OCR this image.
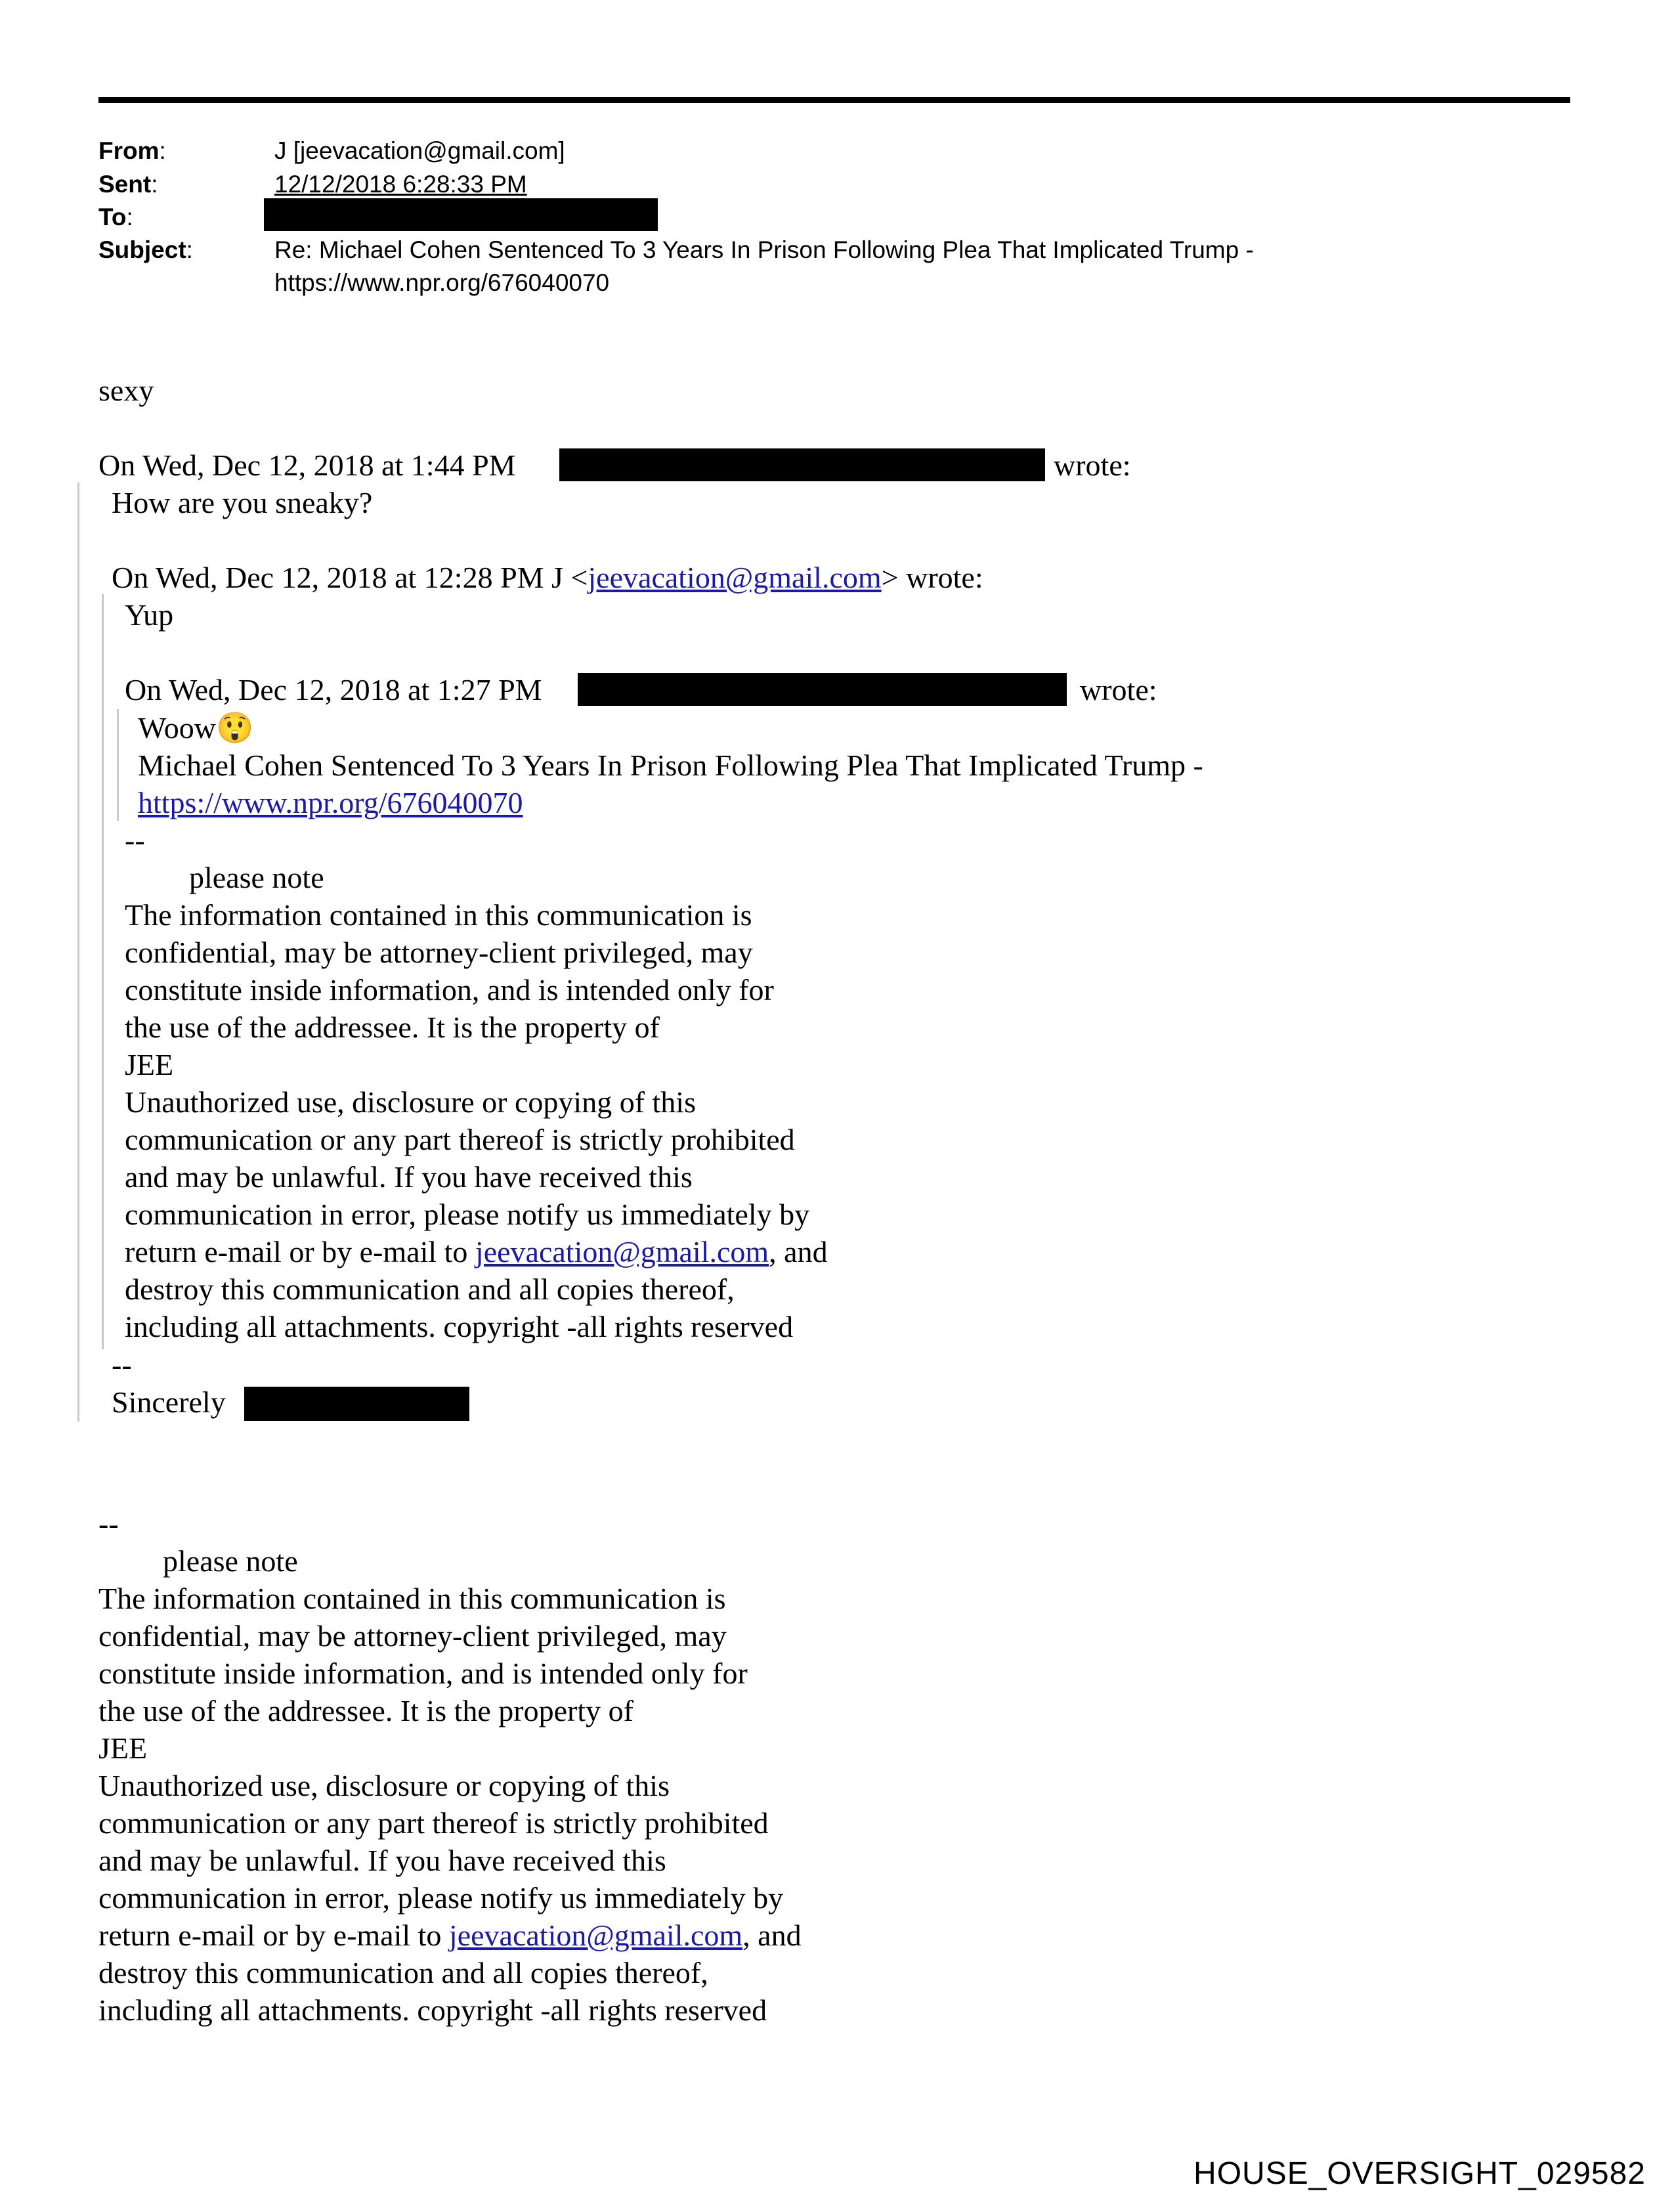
From:	J [jeevacation@gmail.com]
Sent:	12/12/2018 6:28:33 PM
To:
Subject:	Re: Michael Cohen Sentenced To 3 Years In Prison Following Plea That Implicated Trump -
https://www.npr.org/676040070
sexy
On Wed, Dec 12, 2018 at 1:44 PM	wrote:
How are you sneaky?
On Wed, Dec 12, 2018 at 12:28 PM J <jeevacation@gmail.com> wrote:
Yup
On Wed, Dec 12, 2018 at 1:27 PM	wrote:
Woow😲
Michael Cohen Sentenced To 3 Years In Prison Following Plea That Implicated Trump -
https://www.npr.org/676040070
--
please note
The information contained in this communication is
confidential, may be attorney-client privileged, may
constitute inside information, and is intended only for
the use of the addressee. It is the property of
JEE
Unauthorized use, disclosure or copying of this
communication or any part thereof is strictly prohibited
and may be unlawful. If you have received this
communication in error, please notify us immediately by
return e-mail or by e-mail to jeevacation@gmail.com, and
destroy this communication and all copies thereof,
including all attachments. copyright -all rights reserved
--
Sincerely
--
please note
The information contained in this communication is
confidential, may be attorney-client privileged, may
constitute inside information, and is intended only for
the use of the addressee. It is the property of
JEE
Unauthorized use, disclosure or copying of this
communication or any part thereof is strictly prohibited
and may be unlawful. If you have received this
communication in error, please notify us immediately by
return e-mail or by e-mail to jeevacation@gmail.com, and
destroy this communication and all copies thereof,
including all attachments. copyright -all rights reserved
HOUSE_OVERSIGHT_029582
